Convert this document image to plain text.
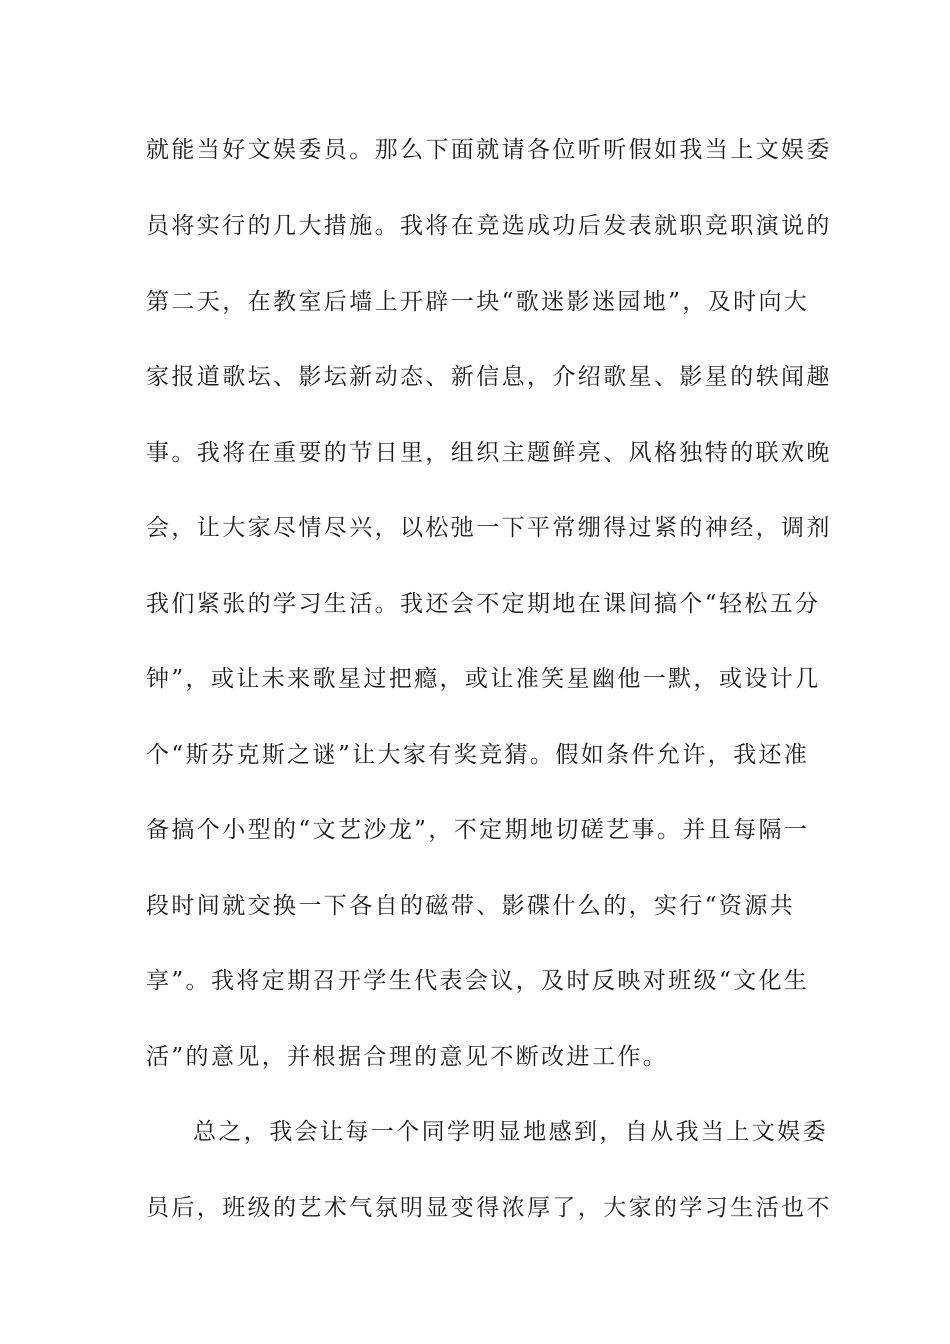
就能当好文娱委员。那么下面就请各位听听假如我当上文娱委
员将实行的几大措施。我将在竞选成功后发表就职竞职演说的
第二天，在教室后墙上开辟一块“歌迷影迷园地”，及时向大
家报道歌坛、影坛新动态、新信息，介绍歌星、影星的轶闻趣
事。我将在重要的节日里，组织主题鲜亮、风格独特的联欢晚
会，让大家尽情尽兴，以松弛一下平常绷得过紧的神经，调剂
我们紧张的学习生活。我还会不定期地在课间搞个“轻松五分
钟”，或让未来歌星过把瘾，或让准笑星幽他一默，或设计几
个“斯芬克斯之谜”让大家有奖竞猜。假如条件允许，我还准
备搞个小型的“文艺沙龙”，不定期地切磋艺事。并且每隔一
段时间就交换一下各自的磁带、影碟什么的，实行“资源共
享”。我将定期召开学生代表会议，及时反映对班级“文化生
活”的意见，并根据合理的意见不断改进工作。
总之，我会让每一个同学明显地感到，自从我当上文娱委
员后，班级的艺术气氛明显变得浓厚了，大家的学习生活也不
